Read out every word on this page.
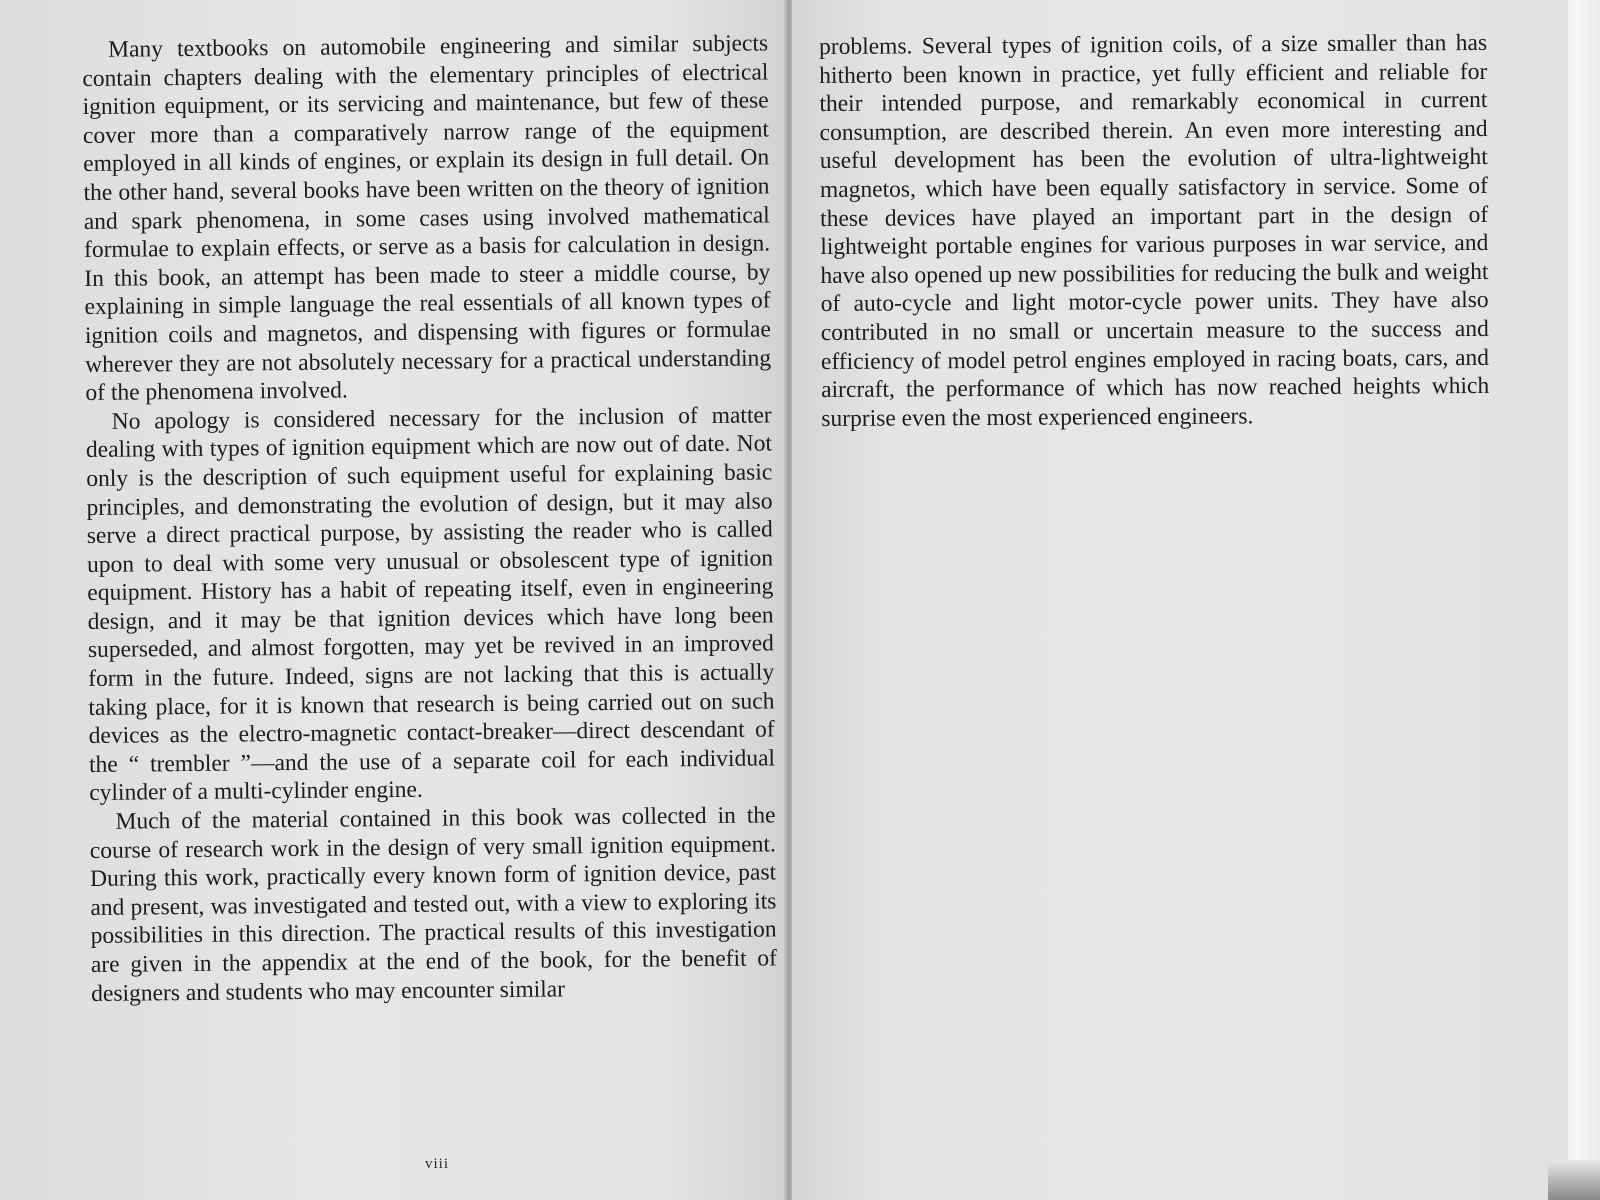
Many textbooks on automobile engineering and similar subjects contain chapters dealing with the elementary principles of electrical ignition equipment, or its servicing and maintenance, but few of these cover more than a comparatively narrow range of the equipment employed in all kinds of engines, or explain its design in full detail. On the other hand, several books have been written on the theory of ignition and spark phenomena, in some cases using involved mathematical formulae to explain effects, or serve as a basis for calculation in design. In this book, an attempt has been made to steer a middle course, by explaining in simple language the real essentials of all known types of ignition coils and magnetos, and dispensing with figures or formulae wherever they are not absolutely necessary for a practical understanding of the phenomena involved.

No apology is considered necessary for the inclusion of matter dealing with types of ignition equipment which are now out of date. Not only is the description of such equipment useful for explaining basic principles, and demonstrating the evolution of design, but it may also serve a direct practical purpose, by assisting the reader who is called upon to deal with some very unusual or obsolescent type of ignition equipment. History has a habit of repeating itself, even in engineering design, and it may be that ignition devices which have long been superseded, and almost forgotten, may yet be revived in an improved form in the future. Indeed, signs are not lacking that this is actually taking place, for it is known that research is being carried out on such devices as the electro-magnetic contact-breaker—direct descendant of the “ trembler ”—and the use of a separate coil for each individual cylinder of a multi-cylinder engine.

Much of the material contained in this book was collected in the course of research work in the design of very small ignition equipment. During this work, practically every known form of ignition device, past and present, was investigated and tested out, with a view to exploring its possibilities in this direction. The practical results of this investigation are given in the appendix at the end of the book, for the benefit of designers and students who may encounter similar

viii

problems. Several types of ignition coils, of a size smaller than has hitherto been known in practice, yet fully efficient and reliable for their intended purpose, and remarkably economical in current consumption, are described therein. An even more interesting and useful development has been the evolution of ultra-lightweight magnetos, which have been equally satisfactory in service. Some of these devices have played an important part in the design of lightweight portable engines for various purposes in war service, and have also opened up new possibilities for reducing the bulk and weight of auto-cycle and light motor-cycle power units. They have also contributed in no small or uncertain measure to the success and efficiency of model petrol engines employed in racing boats, cars, and aircraft, the performance of which has now reached heights which surprise even the most experienced engineers.
